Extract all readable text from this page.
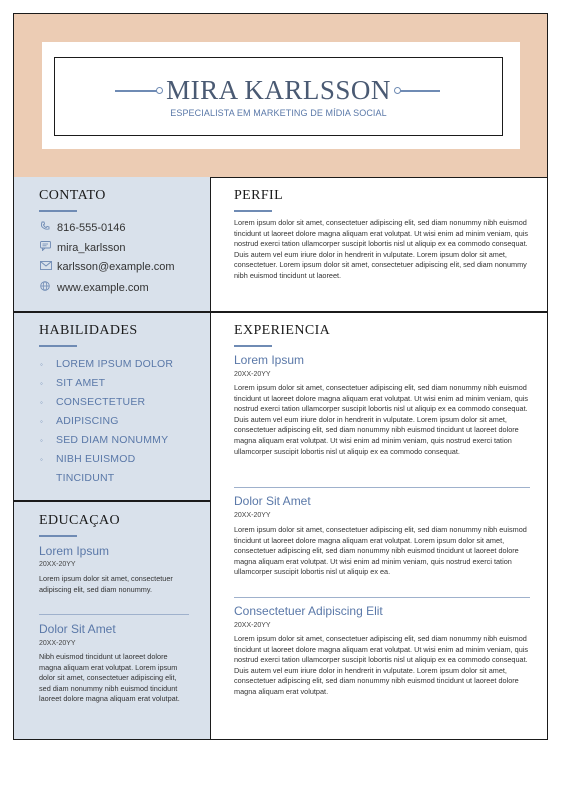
MIRA KARLSSON
ESPECIALISTA EM MARKETING DE MÍDIA SOCIAL
CONTATO
816-555-0146
mira_karlsson
karlsson@example.com
www.example.com
HABILIDADES
◦ LOREM IPSUM DOLOR
◦ SIT AMET
◦ CONSECTETUER
◦ ADIPISCING
◦ SED DIAM NONUMMY
◦ NIBH EUISMOD
TINCIDUNT
EDUCAÇAO
Lorem Ipsum
20XX-20YY
Lorem ipsum dolor sit amet, consectetuer adipiscing elit, sed diam nonummy.
Dolor Sit Amet
20XX-20YY
Nibh euismod tincidunt ut laoreet dolore magna aliquam erat volutpat. Lorem ipsum dolor sit amet, consectetuer adipiscing elit, sed diam nonummy nibh euismod tincidunt laoreet dolore magna aliquam erat volutpat.
PERFIL
Lorem ipsum dolor sit amet, consectetuer adipiscing elit, sed diam nonummy nibh euismod tincidunt ut laoreet dolore magna aliquam erat volutpat. Ut wisi enim ad minim veniam, quis nostrud exerci tation ullamcorper suscipit lobortis nisl ut aliquip ex ea commodo consequat. Duis autem vel eum iriure dolor in hendrerit in vulputate. Lorem ipsum dolor sit amet, consectetuer. Lorem ipsum dolor sit amet, consectetuer adipiscing elit, sed diam nonummy nibh euismod tincidunt ut laoreet.
EXPERIENCIA
Lorem Ipsum
20XX-20YY
Lorem ipsum dolor sit amet, consectetuer adipiscing elit, sed diam nonummy nibh euismod tincidunt ut laoreet dolore magna aliquam erat volutpat. Ut wisi enim ad minim veniam, quis nostrud exerci tation ullamcorper suscipit lobortis nisl ut aliquip ex ea commodo consequat. Duis autem vel eum iriure dolor in hendrerit in vulputate. Lorem ipsum dolor sit amet, consectetuer adipiscing elit, sed diam nonummy nibh euismod tincidunt ut laoreet dolore magna aliquam erat volutpat. Ut wisi enim ad minim veniam, quis nostrud exerci tation ullamcorper suscipit lobortis nisl ut aliquip ex ea commodo consequat.
Dolor Sit Amet
20XX-20YY
Lorem ipsum dolor sit amet, consectetuer adipiscing elit, sed diam nonummy nibh euismod tincidunt ut laoreet dolore magna aliquam erat volutpat. Lorem ipsum dolor sit amet, consectetuer adipiscing elit, sed diam nonummy nibh euismod tincidunt ut laoreet dolore magna aliquam erat volutpat. Ut wisi enim ad minim veniam, quis nostrud exerci tation ullamcorper suscipit lobortis nisl ut aliquip ex ea.
Consectetuer Adipiscing Elit
20XX-20YY
Lorem ipsum dolor sit amet, consectetuer adipiscing elit, sed diam nonummy nibh euismod tincidunt ut laoreet dolore magna aliquam erat volutpat. Ut wisi enim ad minim veniam, quis nostrud exerci tation ullamcorper suscipit lobortis nisl ut aliquip ex ea commodo consequat. Duis autem vel eum iriure dolor in hendrerit in vulputate. Lorem ipsum dolor sit amet, consectetuer adipiscing elit, sed diam nonummy nibh euismod tincidunt ut laoreet dolore magna aliquam erat volutpat.
